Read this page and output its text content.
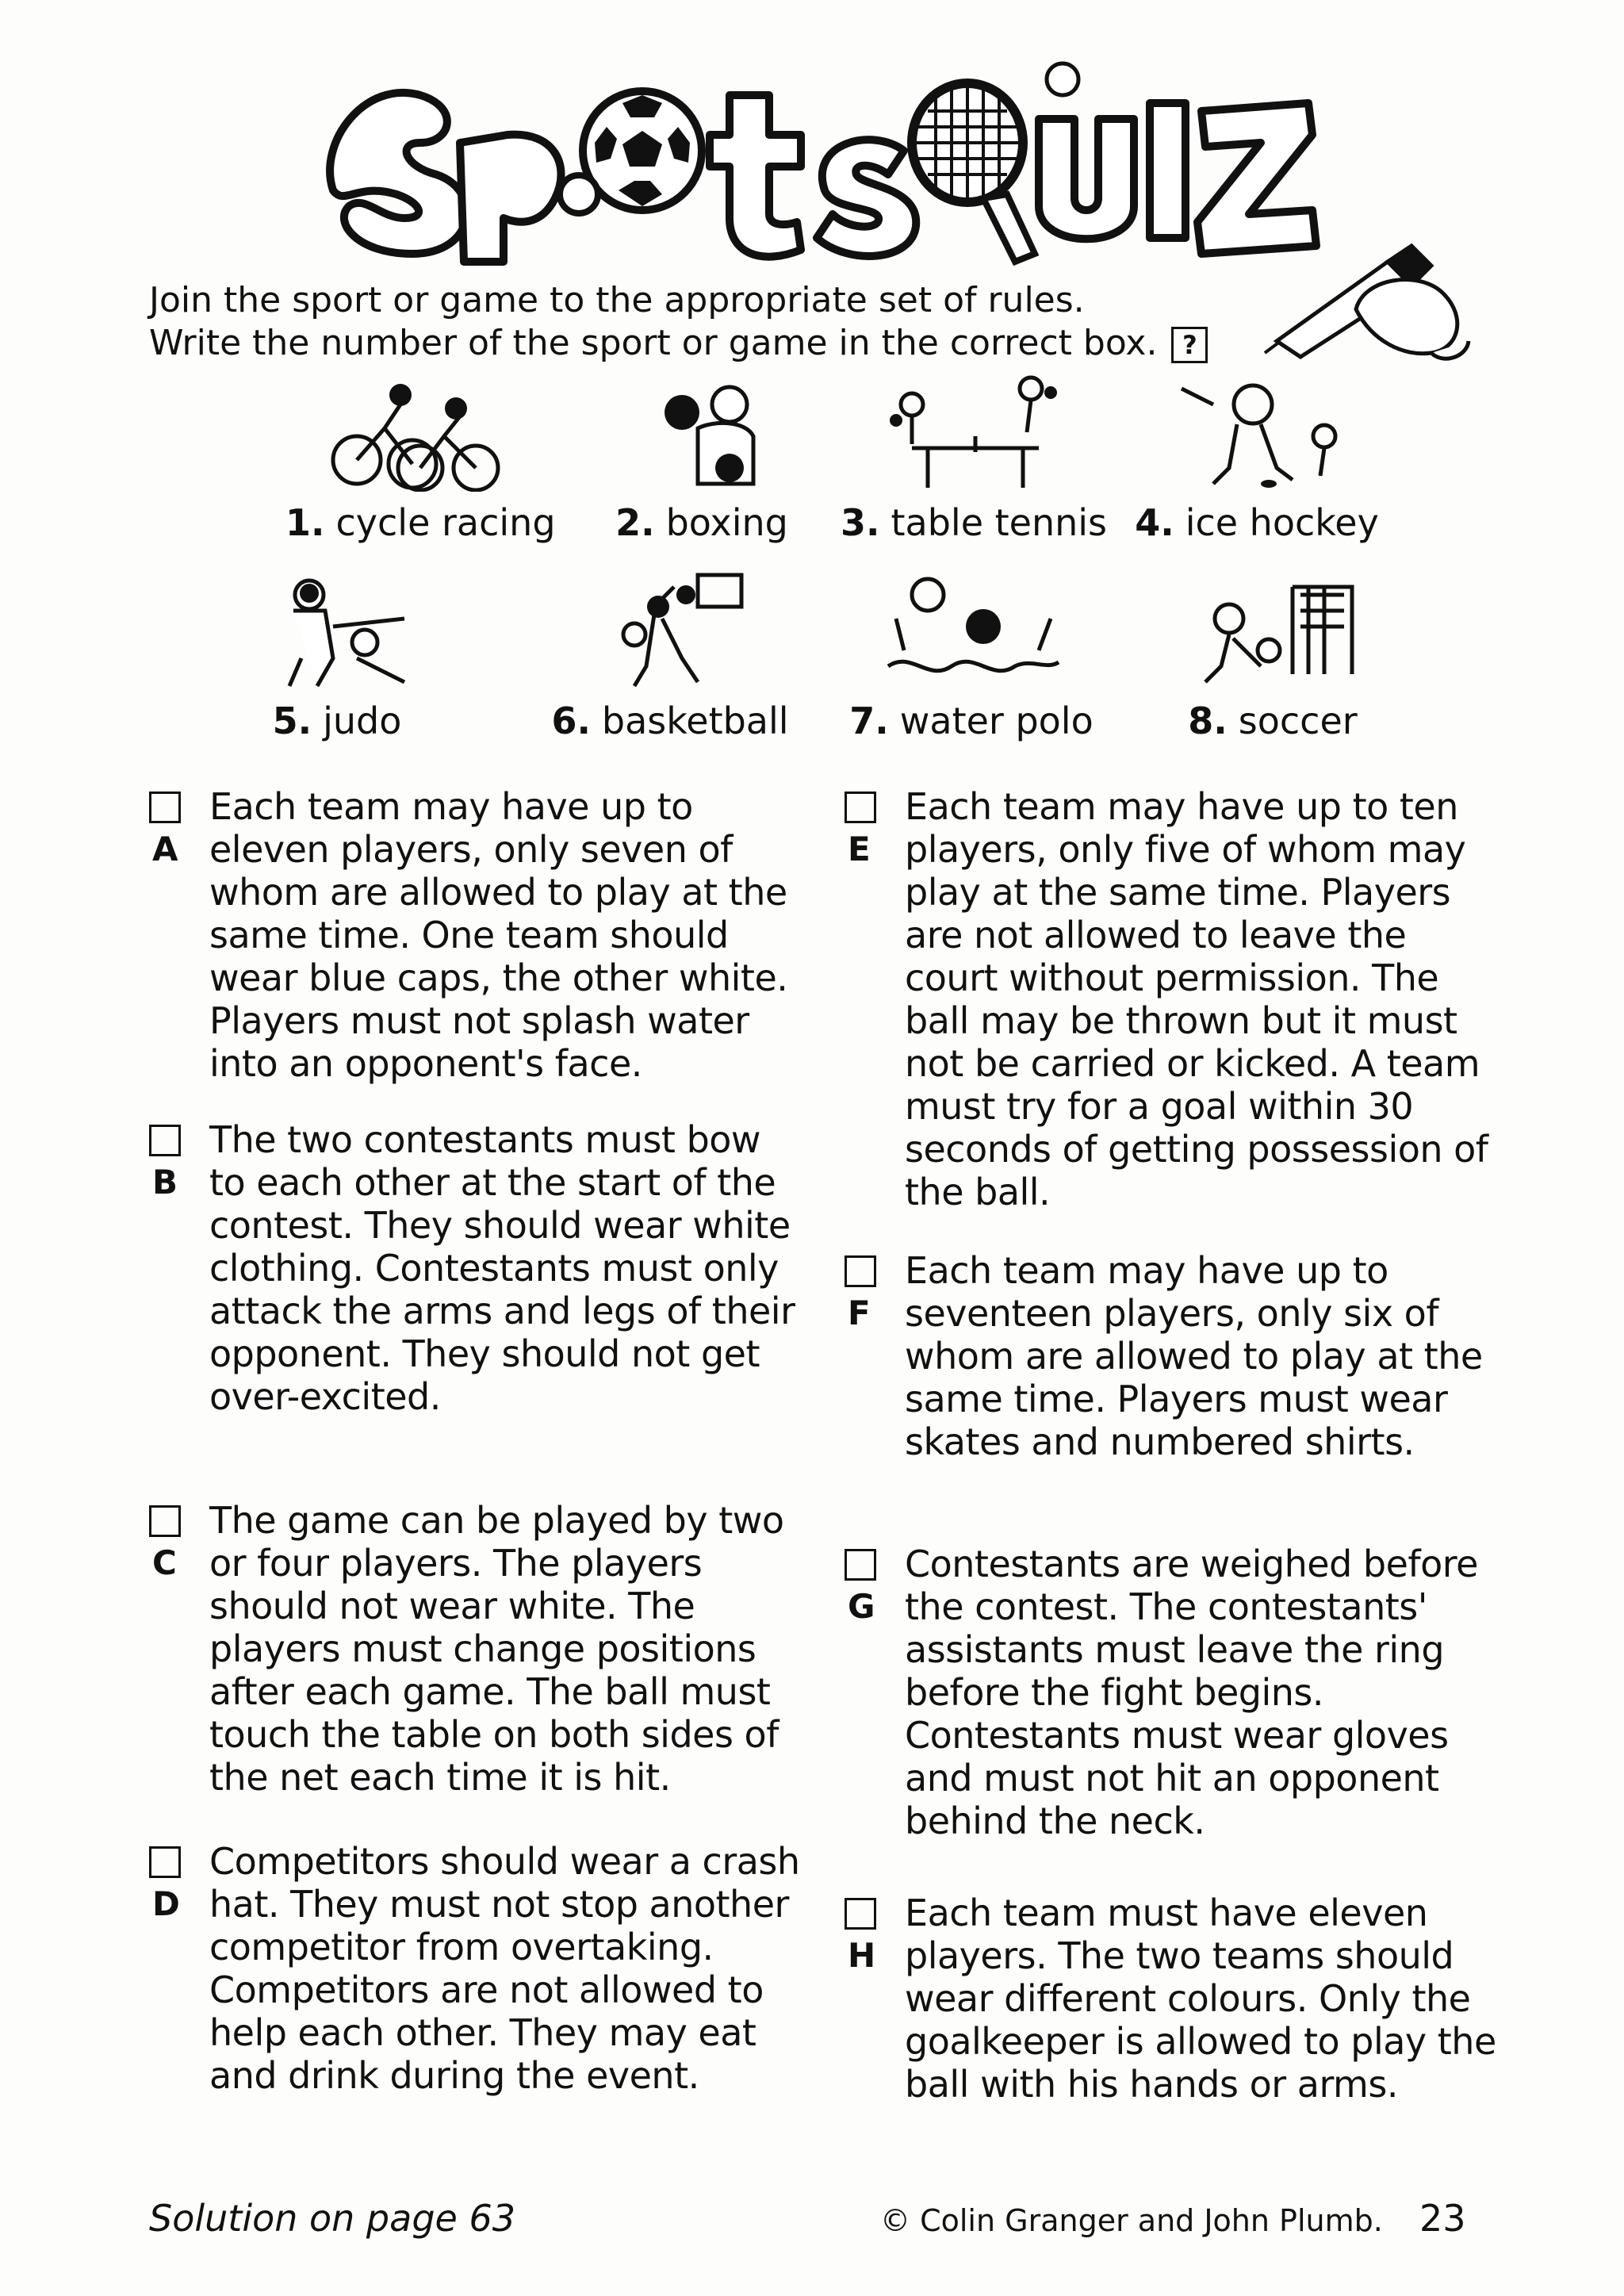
Join the sport or game to the appropriate set of rules.
Write the number of the sport or game in the correct box. ?
1. cycle racing	2. boxing	3. table tennis 4. ice hockey
5. judo	6. basketball	7. water polo	8. soccer
A
Each team may have up to eleven players, only seven of whom are allowed to play at the same time. One team should wear blue caps, the other white. Players must not splash water into an opponent's face.
B
The two contestants must bow to each other at the start of the contest. They should wear white clothing. Contestants must only attack the arms and legs of their opponent. They should not get over-excited.
C
The game can be played by two or four players. The players should not wear white. The players must change positions after each game. The ball must touch the table on both sides of the net each time it is hit.
D
Competitors should wear a crash hat. They must not stop another competitor from overtaking. Competitors are not allowed to help each other. They may eat and drink during the event.
E
Each team may have up to ten players, only five of whom may play at the same time. Players are not allowed to leave the court without permission. The ball may be thrown but it must not be carried or kicked. A team must try for a goal within 30 seconds of getting possession of the ball.
F
Each team may have up to seventeen players, only six of whom are allowed to play at the same time. Players must wear skates and numbered shirts.
G
Contestants are weighed before the contest. The contestants' assistants must leave the ring before the fight begins. Contestants must wear gloves and must not hit an opponent behind the neck.
H
Each team must have eleven players. The two teams should wear different colours. Only the goalkeeper is allowed to play the ball with his hands or arms.
Solution on page 63	© Colin Granger and John Plumb. 23
